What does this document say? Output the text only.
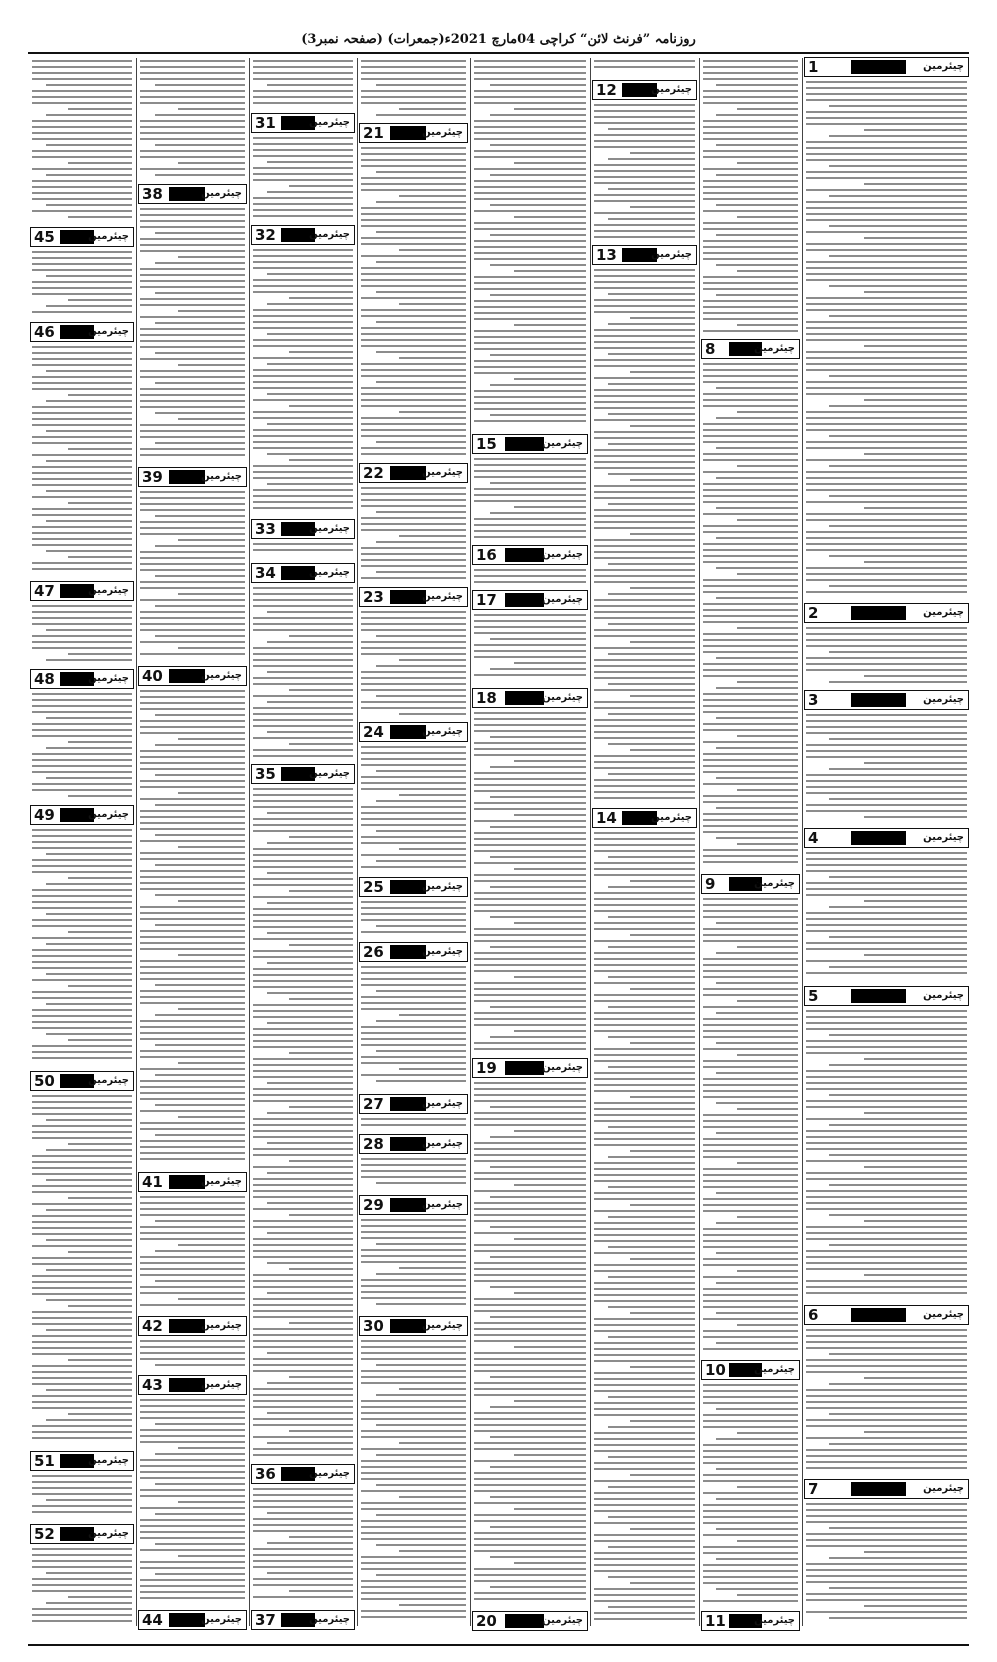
روزنامہ ”فرنٹ لائن“ کراچی 04مارچ 2021ء(جمعرات) (صفحہ نمبر3)
45	چیئرمین
46	چیئرمین
47	چیئرمین
48	چیئرمین
49	چیئرمین
50	چیئرمین
51	چیئرمین
52	چیئرمین
38	چیئرمین
39	چیئرمین
40	چیئرمین
41	چیئرمین
42	چیئرمین
43	چیئرمین
44	چیئرمین
31	چیئرمین
32	چیئرمین
33	چیئرمین
34	چیئرمین
35	چیئرمین
36	چیئرمین
37	چیئرمین
21	چیئرمین
22	چیئرمین
23	چیئرمین
24	چیئرمین
25	چیئرمین
26	چیئرمین
27	چیئرمین
28	چیئرمین
29	چیئرمین
30	چیئرمین
15	چیئرمین
16	چیئرمین
17	چیئرمین
18	چیئرمین
19	چیئرمین
20	چیئرمین
12	چیئرمین
13	چیئرمین
14	چیئرمین
8	چیئرمین
9	چیئرمین
10	چیئرمین
11	چیئرمین
1	چیئرمین
2	چیئرمین
3	چیئرمین
4	چیئرمین
5	چیئرمین
6	چیئرمین
7	چیئرمین
